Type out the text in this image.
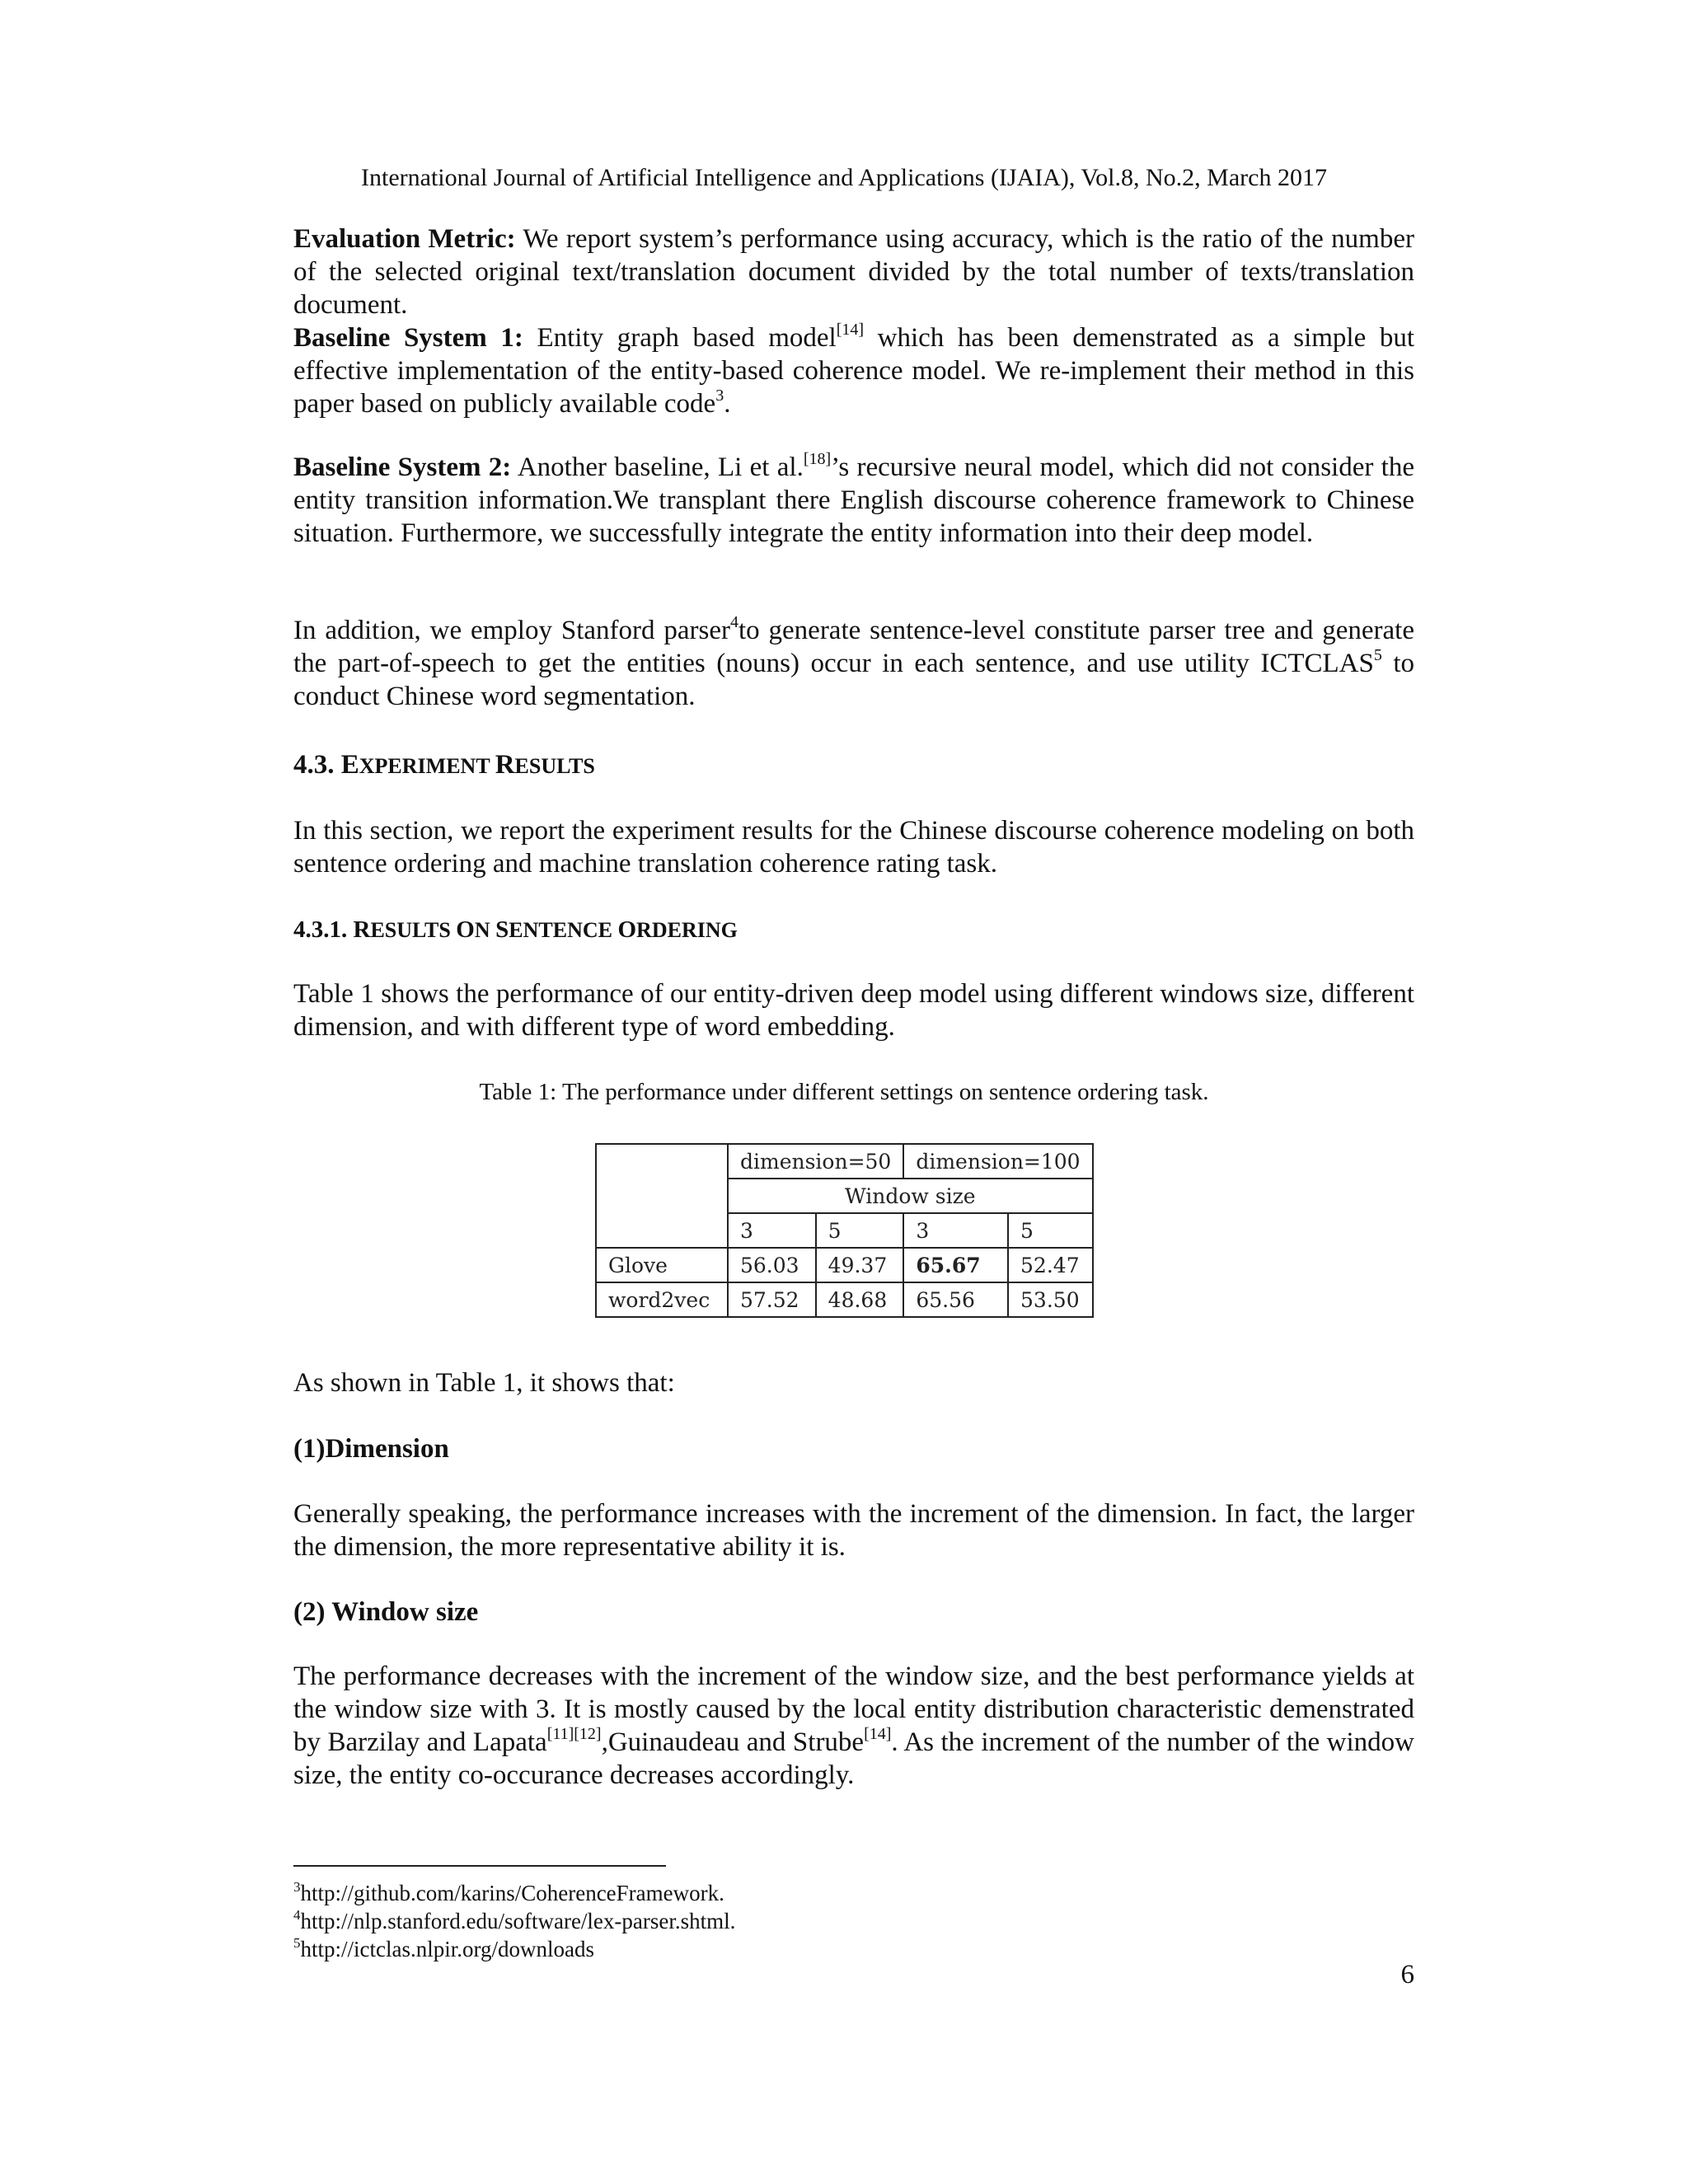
International Journal of Artificial Intelligence and Applications (IJAIA), Vol.8, No.2, March 2017

Evaluation Metric: We report system’s performance using accuracy, which is the ratio of the number of the selected original text/translation document divided by the total number of texts/translation document.

Baseline System 1: Entity graph based model[14] which has been demenstrated as a simple but effective implementation of the entity-based coherence model. We re-implement their method in this paper based on publicly available code$^3$.

Baseline System 2: Another baseline, Li et al.[18]’s recursive neural model, which did not consider the entity transition information.We transplant there English discourse coherence framework to Chinese situation. Furthermore, we successfully integrate the entity information into their deep model.

In addition, we employ Stanford parser$^4$to generate sentence-level constitute parser tree and generate the part-of-speech to get the entities (nouns) occur in each sentence, and use utility ICTCLAS$^5$ to conduct Chinese word segmentation.

4.3. EXPERIMENT RESULTS

In this section, we report the experiment results for the Chinese discourse coherence modeling on both sentence ordering and machine translation coherence rating task.

4.3.1. RESULTS ON SENTENCE ORDERING

Table 1 shows the performance of our entity-driven deep model using different windows size, different dimension, and with different type of word embedding.

Table 1: The performance under different settings on sentence ordering task.
	dimension=50		dimension=100	
	Window size			
	3	5	3	5
Glove	56.03	49.37	65.67	52.47
word2vec	57.52	48.68	65.56	53.50

As shown in Table 1, it shows that:

(1)Dimension

Generally speaking, the performance increases with the increment of the dimension. In fact, the larger the dimension, the more representative ability it is.

(2) Window size

The performance decreases with the increment of the window size, and the best performance yields at the window size with 3. It is mostly caused by the local entity distribution characteristic demenstrated by Barzilay and Lapata[11][12],Guinaudeau and Strube[14]. As the increment of the number of the window size, the entity co-occurance decreases accordingly.

$^3$http://github.com/karins/CoherenceFramework.

$^4$http://nlp.stanford.edu/software/lex-parser.shtml.

$^5$http://ictclas.nlpir.org/downloads

6
